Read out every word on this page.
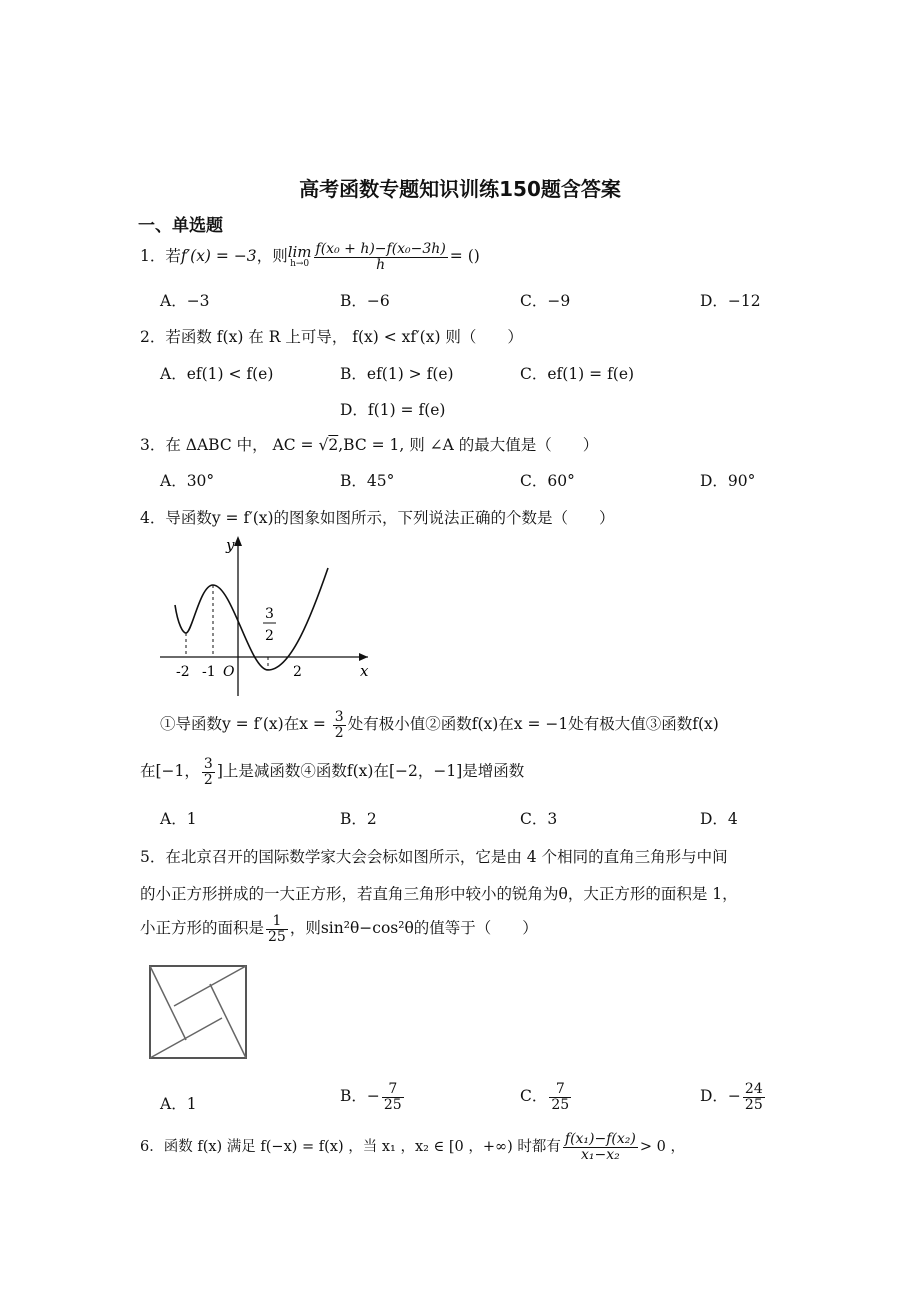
高考函数专题知识训练150题含答案
一、单选题
1．若f′(x) = −3，则 lim
$h\to 0 \frac{\text{f(x₀ + h)−f(x₀−3h)}}{h}$ = ()
A．−3	B．−6	C．−9	D．−12
2．若函数 f(x) 在 R 上可导， f(x) < xf′(x) 则（　　）
A．ef(1) < f(e)	B．ef(1) > f(e)	C．ef(1) = f(e)
D．f(1) = f(e)
3．在 ΔABC 中， AC = √2,BC = 1, 则 ∠A 的最大值是（　　）
A．30°	B．45°	C．60°	D．90°
4．导函数y = f′(x)的图象如图所示，下列说法正确的个数是（　　）
y
x
O
-2 -1	2
3
2
①导函数y = f′(x)在$x = \frac{3}{2}$ 处有极小值②函数f(x)在x = −1处有极大值③函数f(x)
在[−1， $\frac{3}{2}$ ]上是减函数④函数f(x)在[−2，−1]是增函数
A．1	B．2	C．3	D．4
5．在北京召开的国际数学家大会会标如图所示，它是由 4 个相同的直角三角形与中间
的小正方形拼成的一大正方形，若直角三角形中较小的锐角为θ，大正方形的面积是 1，
小正方形的面积是 $\frac{1}{25}$ ，则sin²θ−cos²θ的值等于（　　）
A．1	B．− $\frac{7}{25}$	C． $\frac{7}{25}$	D．− $\frac{24}{25}$
6．函数 f(x) 满足 f(−x) = f(x) ，当 x₁ ，x₂ ∈ [0 ，+∞) 时都有 $\frac{\text{f(x₁)−f(x₂)}}{\text{x₁−x₂}} > 0$ ，
